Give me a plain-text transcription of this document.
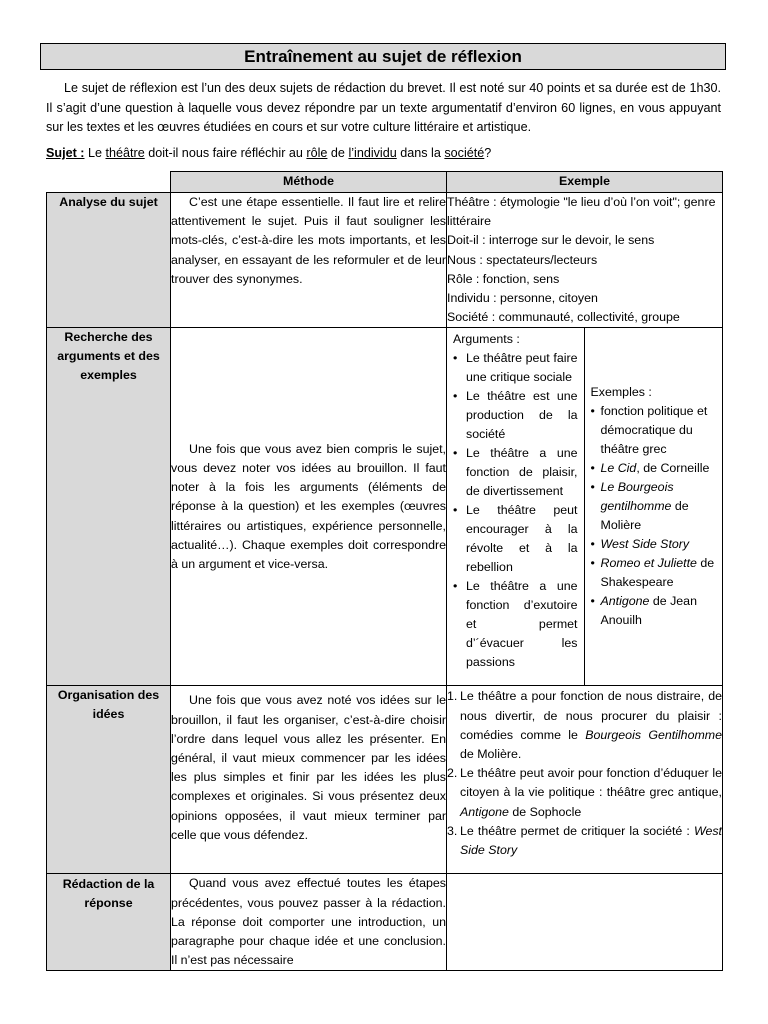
Entraînement au sujet de réflexion
Le sujet de réflexion est l’un des deux sujets de rédaction du brevet. Il est noté sur 40 points et sa durée est de 1h30. Il s’agit d’une question à laquelle vous devez répondre par un texte argumentatif d’environ 60 lignes, en vous appuyant sur les textes et les œuvres étudiées en cours et sur votre culture littéraire et artistique.
Sujet : Le théâtre doit-il nous faire réfléchir au rôle de l’individu dans la société?
	Méthode	Exemple
Analyse du sujet	C’est une étape essentielle. Il faut lire et relire attentivement le sujet. Puis il faut souligner les mots-clés, c’est-à-dire les mots importants, et les analyser, en essayant de les reformuler et de leur trouver des synonymes.	
Théâtre : étymologie "le lieu d’où l’on voit"; genre littéraire
Doit-il : interroge sur le devoir, le sens
Nous : spectateurs/lecteurs
Rôle : fonction, sens
Individu : personne, citoyen
Société : communauté, collectivité, groupe

Recherche des arguments et des exemples	Une fois que vous avez bien compris le sujet, vous devez noter vos idées au brouillon. Il faut noter à la fois les arguments (éléments de réponse à la question) et les exemples (œuvres littéraires ou artistiques, expérience personnelle, actualité…). Chaque exemples doit correspondre à un argument et vice-versa.	
Arguments :
• Le théâtre peut faire une critique sociale
• Le théâtre est une production de la société
• Le théâtre a une fonction de plaisir, de divertissement
• Le théâtre peut encourager à la révolte et à la rebellion
• Le théâtre a une fonction d’exutoire et permet d’´évacuer les passions

Exemples :
• fonction politique et démocratique du théâtre grec
• Le Cid, de Corneille
• Le Bourgeois gentilhomme de Molière
• West Side Story
• Romeo et Juliette de Shakespeare
• Antigone de Jean Anouilh

Organisation des idées	Une fois que vous avez noté vos idées sur le brouillon, il faut les organiser, c’est-à-dire choisir l’ordre dans lequel vous allez les présenter. En général, il vaut mieux commencer par les idées les plus simples et finir par les idées les plus complexes et originales. Si vous présentez deux opinions opposées, il vaut mieux terminer par celle que vous défendez.	
1. Le théâtre a pour fonction de nous distraire, de nous divertir, de nous procurer du plaisir : comédies comme le Bourgeois Gentilhomme de Molière.
2. Le théâtre peut avoir pour fonction d’éduquer le citoyen à la vie politique : théâtre grec antique, Antigone de Sophocle
3. Le théâtre permet de critiquer la société : West Side Story

Rédaction de la réponse	Quand vous avez effectué toutes les étapes précédentes, vous pouvez passer à la rédaction. La réponse doit comporter une introduction, un paragraphe pour chaque idée et une conclusion. Il n’est pas nécessaire	
